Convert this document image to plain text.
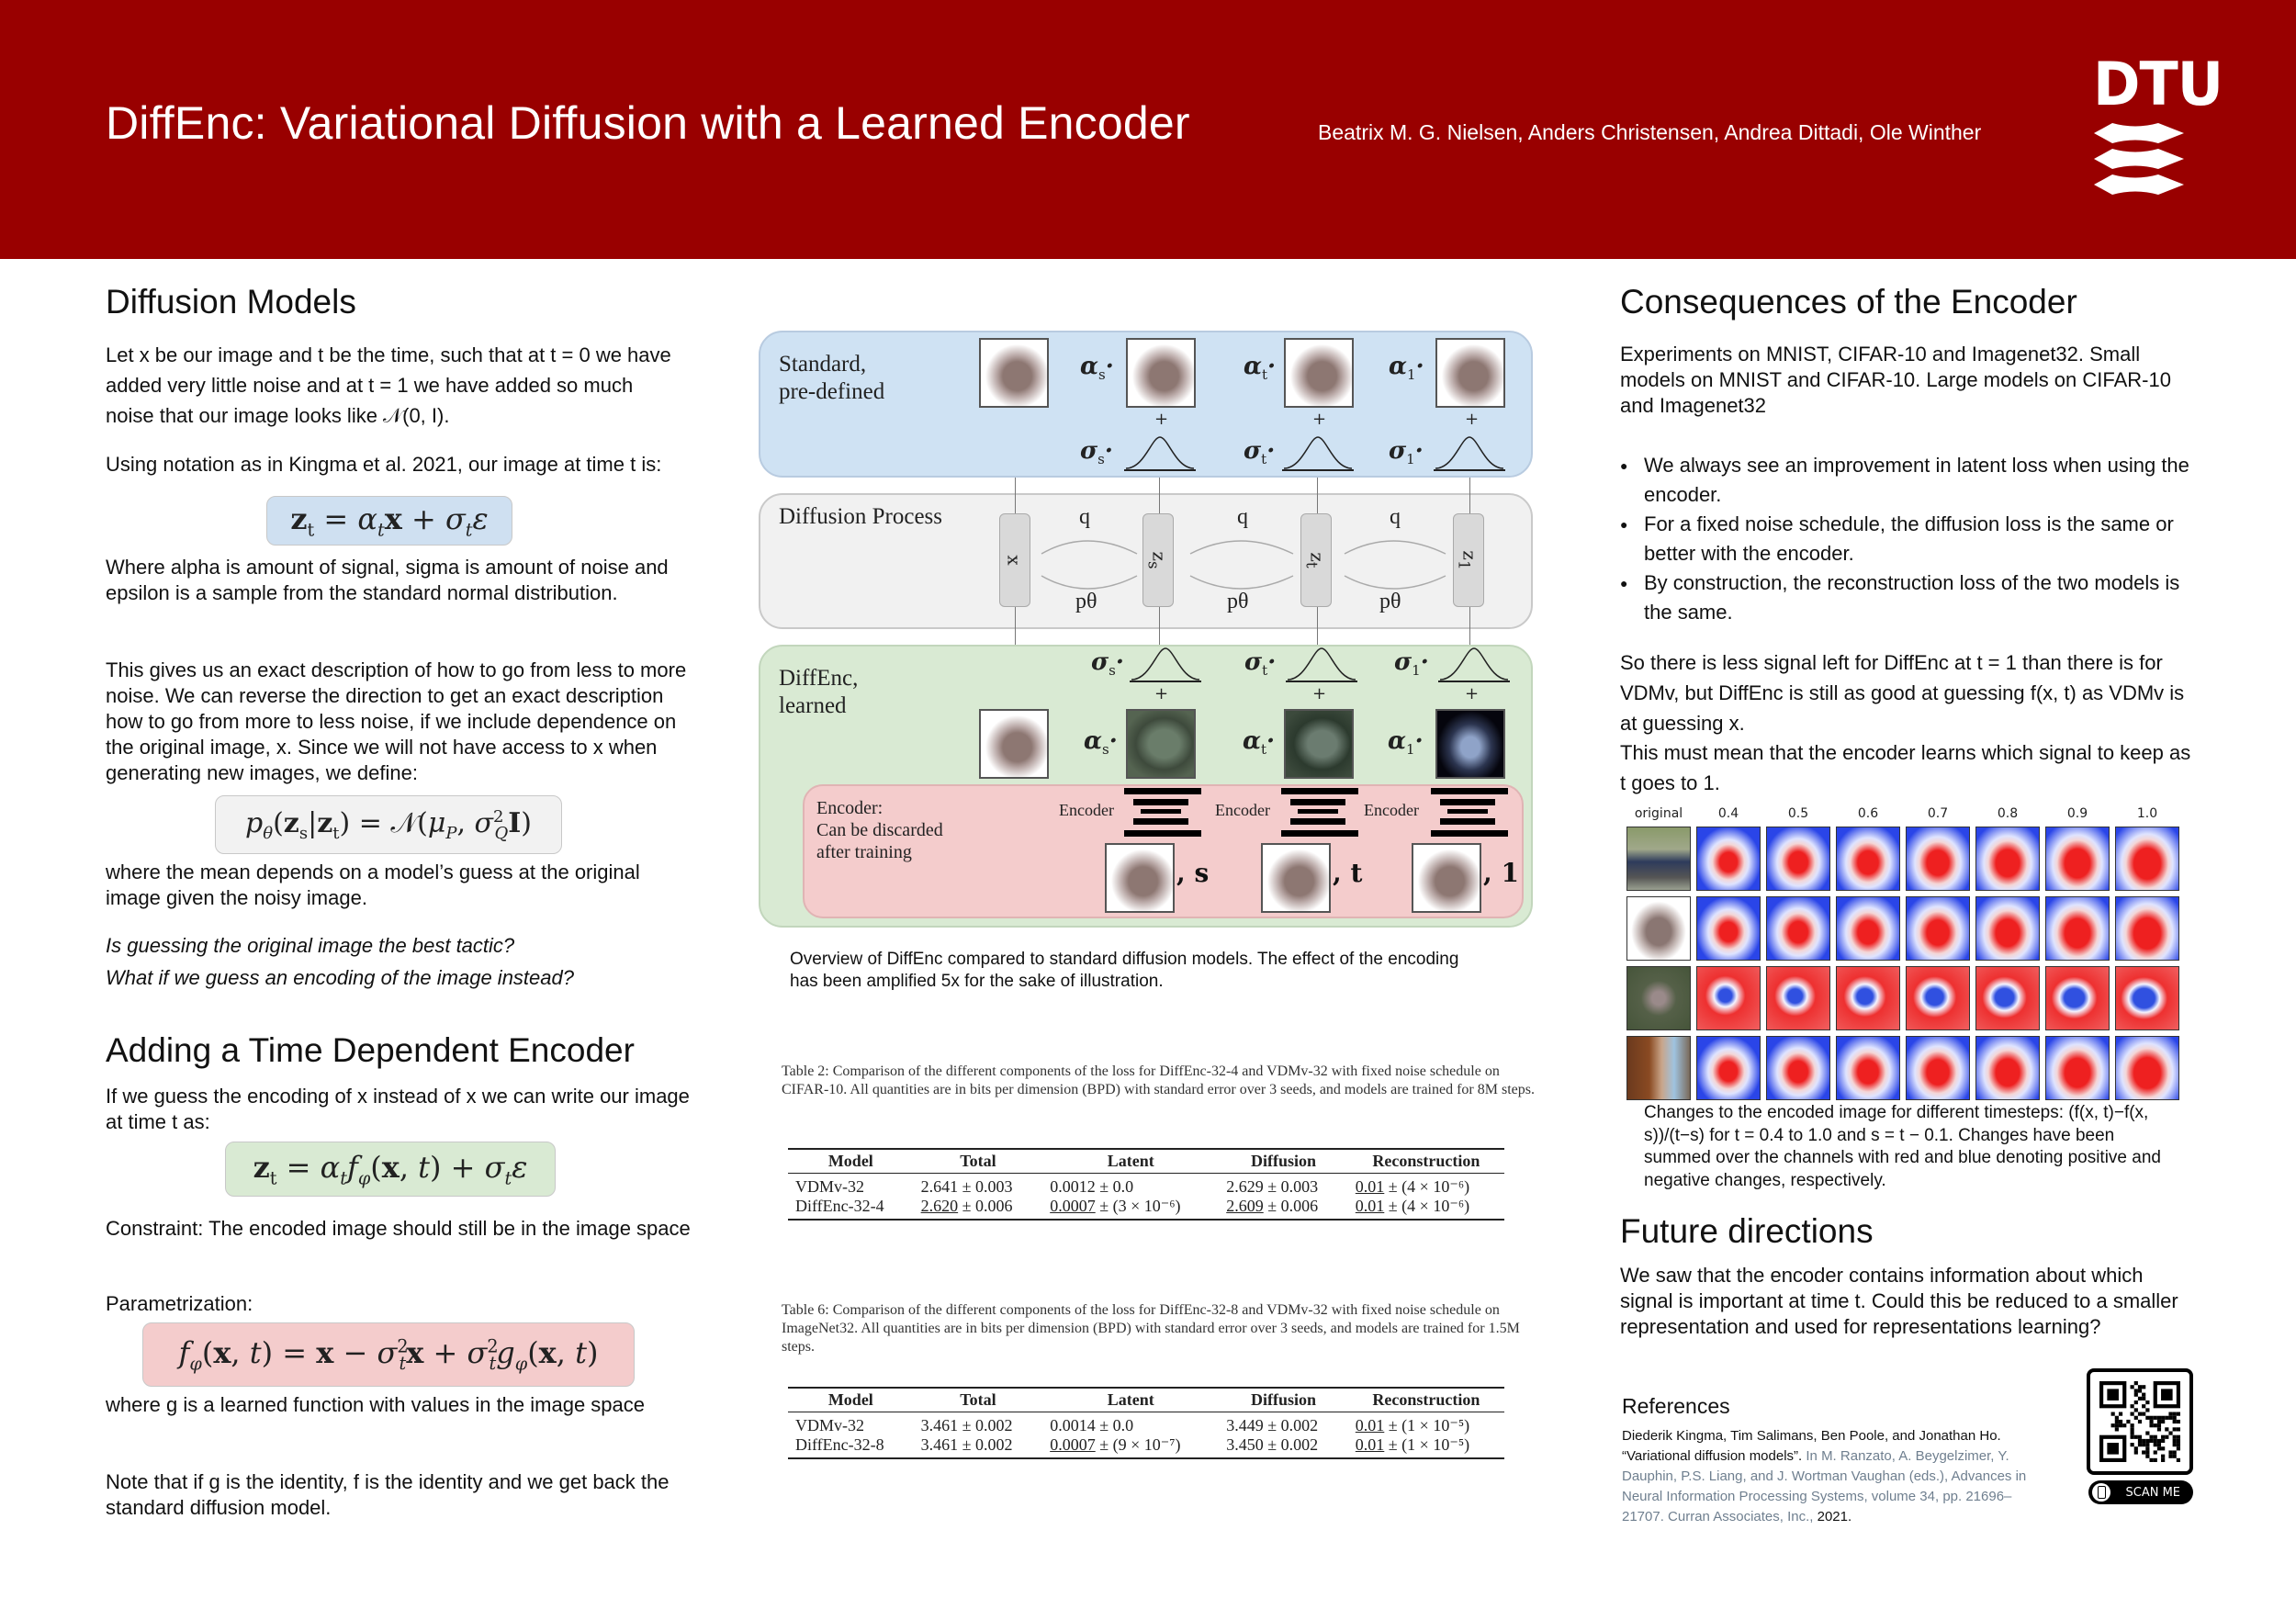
DiffEnc: Variational Diffusion with a Learned Encoder	Beatrix M. G. Nielsen, Anders Christensen, Andrea Dittadi, Ole Winther
DTU
Diffusion Models

Let x be our image and t be the time, such that at t = 0 we have added very little noise and at t = 1 we have added so much noise that our image looks like 𝒩(0, I).

Using notation as in Kingma et al. 2021, our image at time t is:

$z_t = \alpha_tx + \sigma_t\varepsilon$

Where alpha is amount of signal, sigma is amount of noise and epsilon is a sample from the standard normal distribution.

This gives us an exact description of how to go from less to more noise. We can reverse the direction to get an exact description how to go from more to less noise, if we include dependence on the original image, x. Since we will not have access to x when generating new images, we define:

$p_\theta(z_s|z_t)$ = $𝒩(\mu_P$, $\sigma^2_QI$)

where the mean depends on a model’s guess at the original image given the noisy image.

Is guessing the original image the best tactic?

What if we guess an encoding of the image instead?

Adding a Time Dependent Encoder

If we guess the encoding of x instead of x we can write our image at time t as:

$z_t = \alpha_tf_\varphi(x$, $t) + \sigma_t\varepsilon$

Constraint: The encoded image should still be in the image space

Parametrization:

$f_\varphi(x$, $t) = x - \sigma^2_tx + \sigma^2_tg_\varphi(x$, t)

where g is a learned function with values in the image space

Note that if g is the identity, f is the identity and we get back the standard diffusion model.

Standard,
pre-defined
Diffusion Process
DiffEnc,
learned
Encoder:
Can be discarded
after training
$\alpha_s\cdot$	$\alpha_t\cdot$	$\alpha_1\cdot$
+	+	+
$\sigma_s\cdot$	$\sigma_t\cdot$	$\sigma_1\cdot$
x	$z_s$
$z_t$
$z_1$
q	q	q
pθ	pθ	pθ
$\sigma_s\cdot$	$\sigma_t\cdot$	$\sigma_1\cdot$
+	+	+
$\alpha_s\cdot$	$\alpha_t\cdot$	$\alpha_1\cdot$
Encoder	Encoder	Encoder
, s	, t	, 1
Overview of DiffEnc compared to standard diffusion models. The effect of the encoding has been amplified 5x for the sake of illustration.
Table 2: Comparison of the different components of the loss for DiffEnc-32-4 and VDMv-32 with fixed noise schedule on CIFAR-10. All quantities are in bits per dimension (BPD) with standard error over 3 seeds, and models are trained for 8M steps.
Model	Total	Latent	Diffusion	Reconstruction
VDMv-32	2.641 ± 0.003	0.0012 ± 0.0	2.629 ± 0.003	0.01 ± (4 × 10⁻⁶)
DiffEnc-32-4	2.620 ± 0.006	0.0007 ± (3 × 10⁻⁶)	2.609 ± 0.006	0.01 ± (4 × 10⁻⁶)
Table 6: Comparison of the different components of the loss for DiffEnc-32-8 and VDMv-32 with fixed noise schedule on ImageNet32. All quantities are in bits per dimension (BPD) with standard error over 3 seeds, and models are trained for 1.5M steps.
Model	Total	Latent	Diffusion	Reconstruction
VDMv-32	3.461 ± 0.002	0.0014 ± 0.0	3.449 ± 0.002	0.01 ± (1 × 10⁻⁵)
DiffEnc-32-8	3.461 ± 0.002	0.0007 ± (9 × 10⁻⁷)	3.450 ± 0.002	0.01 ± (1 × 10⁻⁵)
Consequences of the Encoder

Experiments on MNIST, CIFAR-10 and Imagenet32. Small models on MNIST and CIFAR-10. Large models on CIFAR-10 and Imagenet32

● We always see an improvement in latent loss when using the encoder.
● For a fixed noise schedule, the diffusion loss is the same or better with the encoder.
● By construction, the reconstruction loss of the two models is the same.

So there is less signal left for DiffEnc at t = 1 than there is for VDMv, but DiffEnc is still as good at guessing f(x, t) as VDMv is at guessing x.

This must mean that the encoder learns which signal to keep as t goes to 1.

original	0.4	0.5	0.6	0.7	0.8	0.9	1.0
Changes to the encoded image for different timesteps: (f(x, t)−f(x, s))/(t−s) for t = 0.4 to 1.0 and s = t − 0.1. Changes have been summed over the channels with red and blue denoting positive and negative changes, respectively.
Future directions

We saw that the encoder contains information about which signal is important at time t. Could this be reduced to a smaller representation and used for representations learning?

References
Diederik Kingma, Tim Salimans, Ben Poole, and Jonathan Ho. “Variational diffusion models”. In M. Ranzato, A. Beygelzimer, Y. Dauphin, P.S. Liang, and J. Wortman Vaughan (eds.), Advances in Neural Information Processing Systems, volume 34, pp. 21696–21707. Curran Associates, Inc., 2021.
SCAN ME
